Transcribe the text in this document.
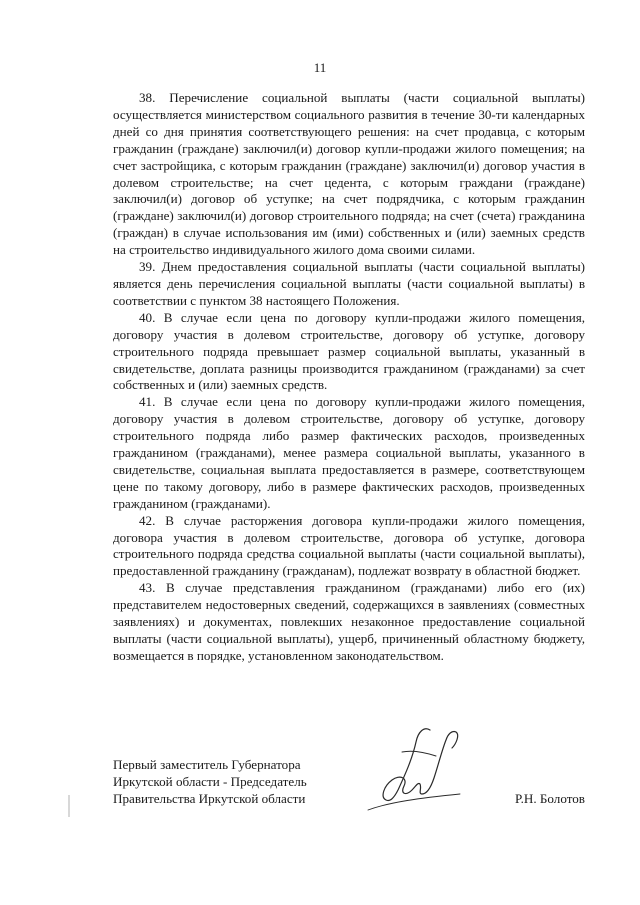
11

38. Перечисление социальной выплаты (части социальной выплаты) осуществляется министерством социального развития в течение 30-ти календарных дней со дня принятия соответствующего решения: на счет продавца, с которым гражданин (граждане) заключил(и) договор купли-продажи жилого помещения; на счет застройщика, с которым гражданин (граждане) заключил(и) договор участия в долевом строительстве; на счет цедента, с которым граждани (граждане) заключил(и) договор об уступке; на счет подрядчика, с которым гражданин (граждане) заключил(и) договор строительного подряда; на счет (счета) гражданина (граждан) в случае использования им (ими) собственных и (или) заемных средств на строительство индивидуального жилого дома своими силами.

39. Днем предоставления социальной выплаты (части социальной выплаты) является день перечисления социальной выплаты (части социальной выплаты) в соответствии с пунктом 38 настоящего Положения.

40. В случае если цена по договору купли-продажи жилого помещения, договору участия в долевом строительстве, договору об уступке, договору строительного подряда превышает размер социальной выплаты, указанный в свидетельстве, доплата разницы производится гражданином (гражданами) за счет собственных и (или) заемных средств.

41. В случае если цена по договору купли-продажи жилого помещения, договору участия в долевом строительстве, договору об уступке, договору строительного подряда либо размер фактических расходов, произведенных гражданином (гражданами), менее размера социальной выплаты, указанного в свидетельстве, социальная выплата предоставляется в размере, соответствующем цене по такому договору, либо в размере фактических расходов, произведенных гражданином (гражданами).

42. В случае расторжения договора купли-продажи жилого помещения, договора участия в долевом строительстве, договора об уступке, договора строительного подряда средства социальной выплаты (части социальной выплаты), предоставленной гражданину (гражданам), подлежат возврату в областной бюджет.

43. В случае представления гражданином (гражданами) либо его (их) представителем недостоверных сведений, содержащихся в заявлениях (совместных заявлениях) и документах, повлекших незаконное предоставление социальной выплаты (части социальной выплаты), ущерб, причиненный областному бюджету, возмещается в порядке, установленном законодательством.

Первый заместитель Губернатора
Иркутской области - Председатель
Правительства Иркутской области	Р.Н. Болотов
